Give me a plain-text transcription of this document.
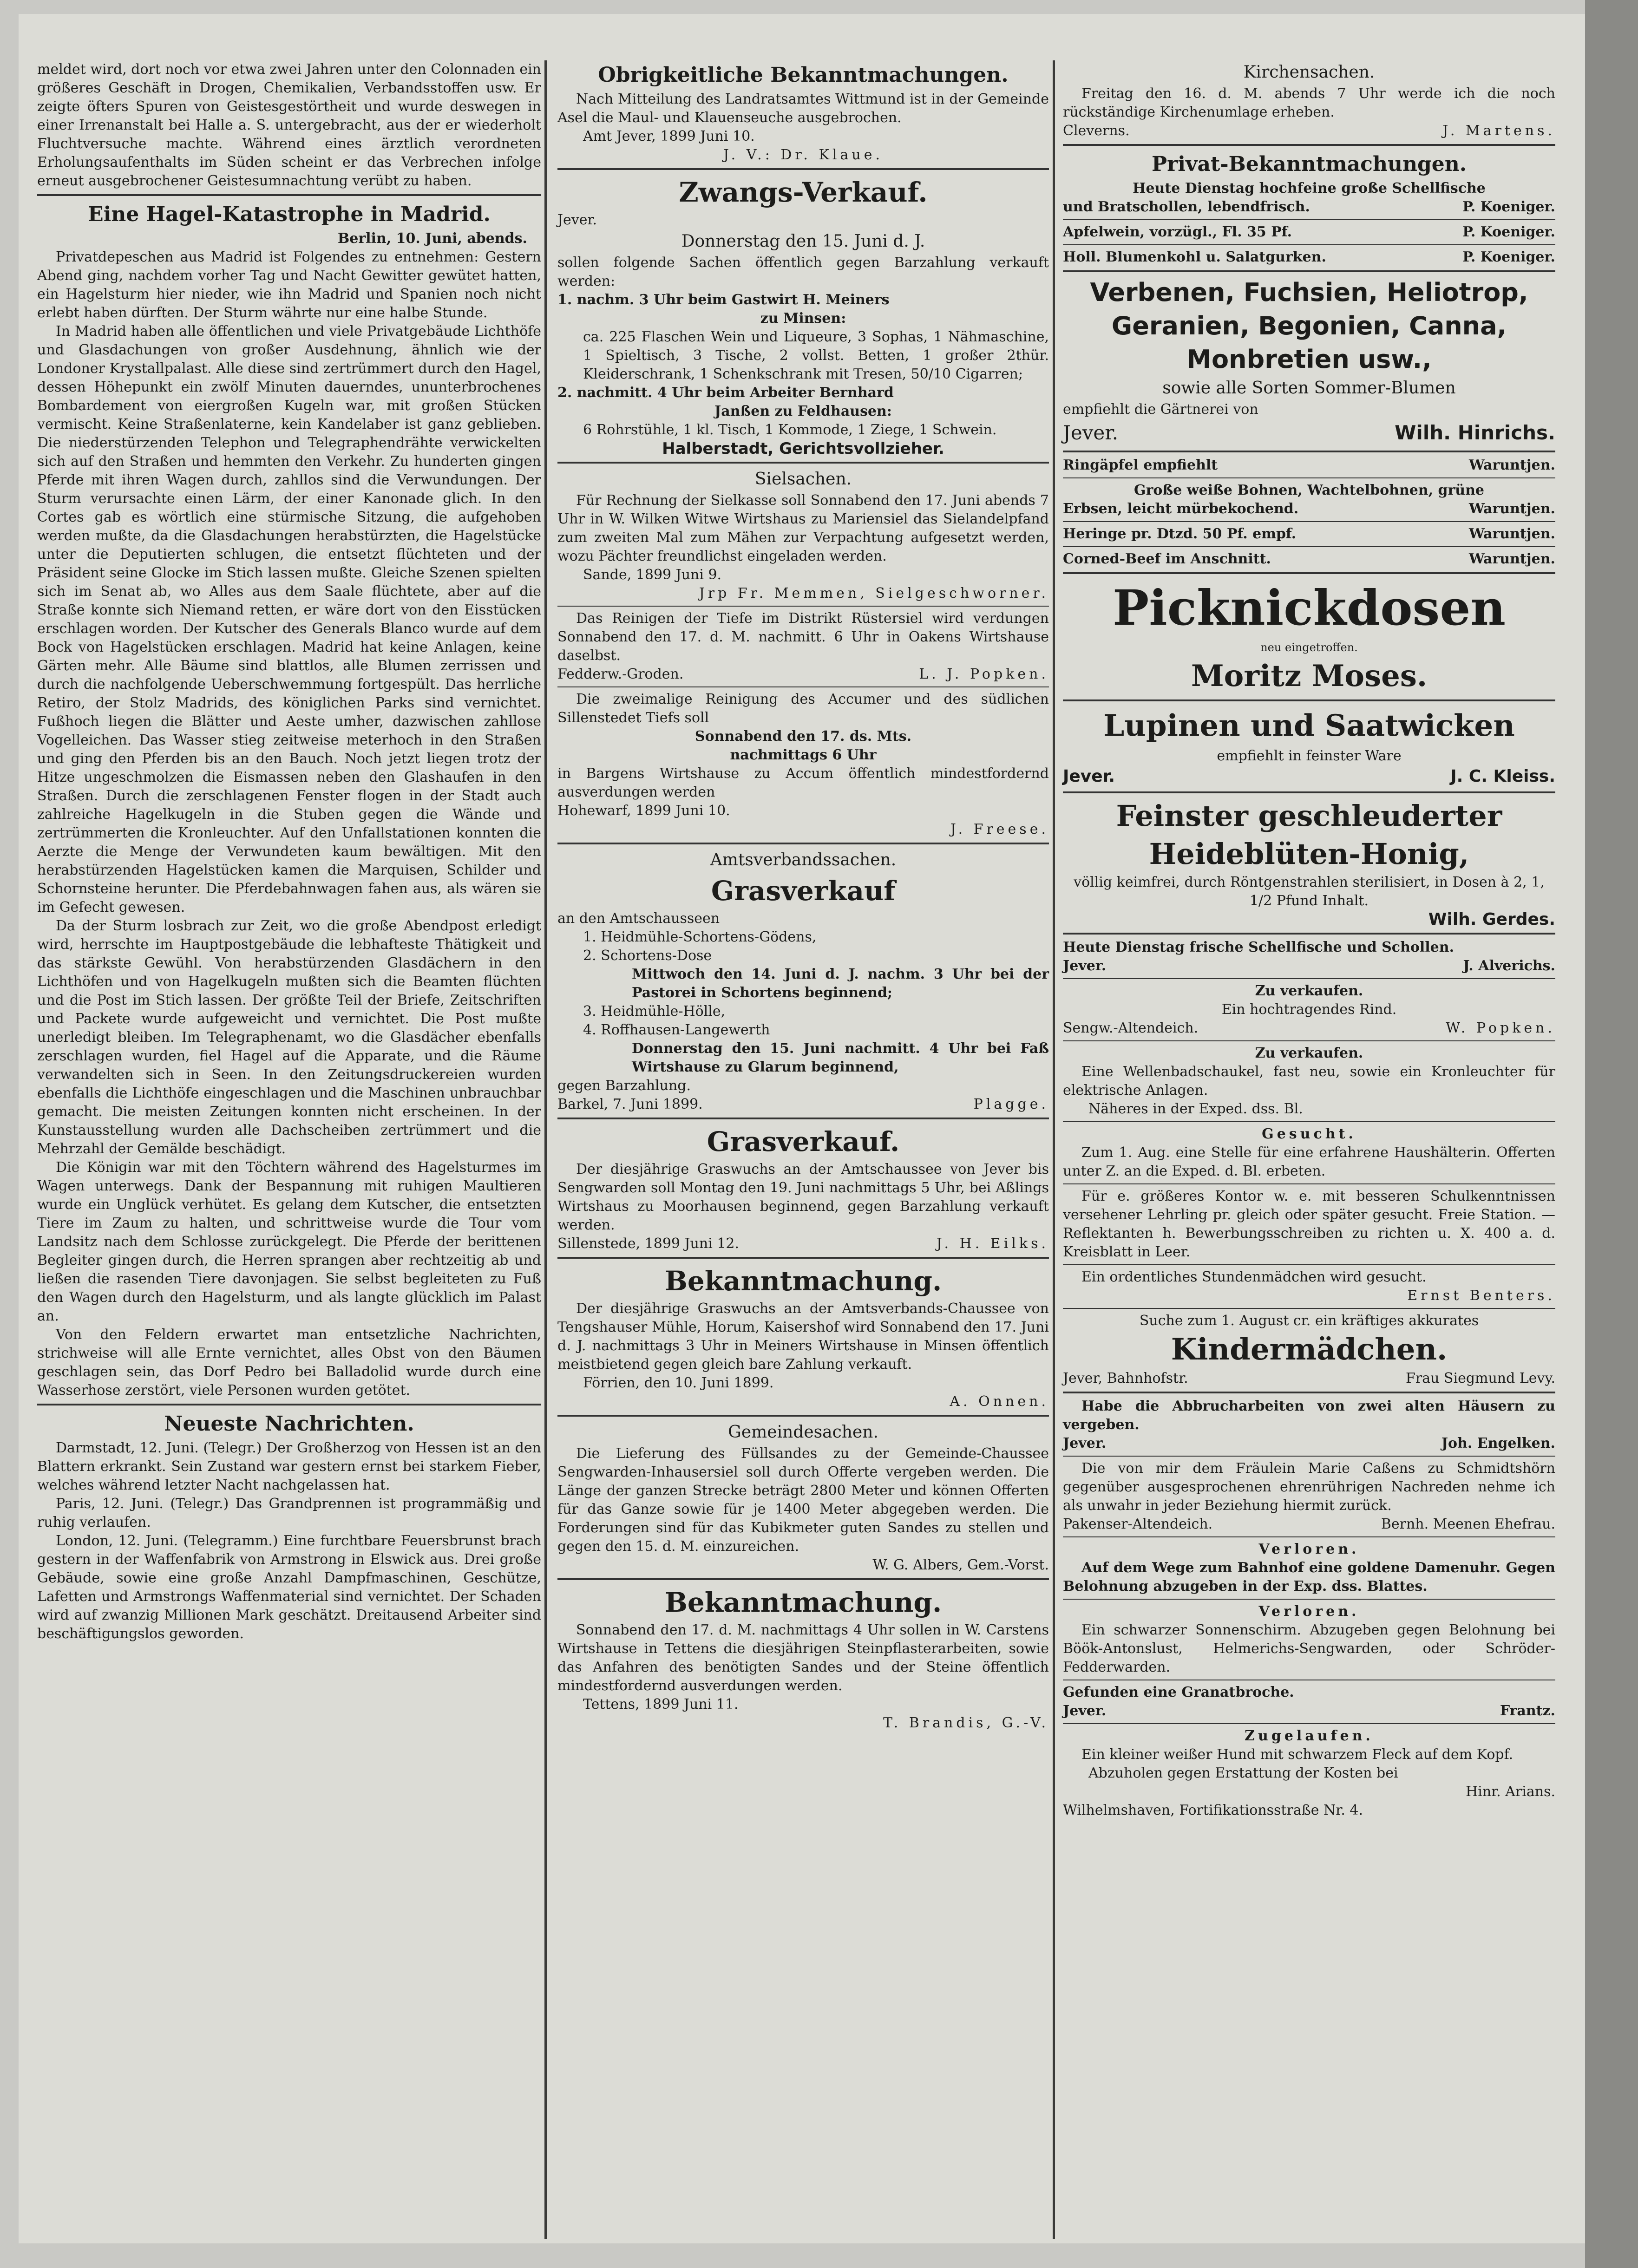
meldet wird, dort noch vor etwa zwei Jahren unter den Colonnaden ein größeres Geschäft in Drogen, Chemikalien, Verbandsstoffen usw. Er zeigte öfters Spuren von Geistesgestörtheit und wurde deswegen in einer Irrenanstalt bei Halle a. S. untergebracht, aus der er wiederholt Fluchtversuche machte. Während eines ärztlich verordneten Erholungsaufenthalts im Süden scheint er das Verbrechen infolge erneut ausgebrochener Geistesumnachtung verübt zu haben.

Eine Hagel-Katastrophe in Madrid.

Berlin, 10. Juni, abends.

Privatdepeschen aus Madrid ist Folgendes zu entnehmen: Gestern Abend ging, nachdem vorher Tag und Nacht Gewitter gewütet hatten, ein Hagelsturm hier nieder, wie ihn Madrid und Spanien noch nicht erlebt haben dürften. Der Sturm währte nur eine halbe Stunde.

In Madrid haben alle öffentlichen und viele Privatgebäude Lichthöfe und Glasdachungen von großer Ausdehnung, ähnlich wie der Londoner Krystallpalast. Alle diese sind zertrümmert durch den Hagel, dessen Höhepunkt ein zwölf Minuten dauerndes, ununterbrochenes Bombardement von eiergroßen Kugeln war, mit großen Stücken vermischt. Keine Straßenlaterne, kein Kandelaber ist ganz geblieben. Die niederstürzenden Telephon und Telegraphendrähte verwickelten sich auf den Straßen und hemmten den Verkehr. Zu hunderten gingen Pferde mit ihren Wagen durch, zahllos sind die Verwundungen. Der Sturm verursachte einen Lärm, der einer Kanonade glich. In den Cortes gab es wörtlich eine stürmische Sitzung, die aufgehoben werden mußte, da die Glasdachungen herabstürzten, die Hagelstücke unter die Deputierten schlugen, die entsetzt flüchteten und der Präsident seine Glocke im Stich lassen mußte. Gleiche Szenen spielten sich im Senat ab, wo Alles aus dem Saale flüchtete, aber auf die Straße konnte sich Niemand retten, er wäre dort von den Eisstücken erschlagen worden. Der Kutscher des Generals Blanco wurde auf dem Bock von Hagelstücken erschlagen. Madrid hat keine Anlagen, keine Gärten mehr. Alle Bäume sind blattlos, alle Blumen zerrissen und durch die nachfolgende Ueberschwemmung fortgespült. Das herrliche Retiro, der Stolz Madrids, des königlichen Parks sind vernichtet. Fußhoch liegen die Blätter und Aeste umher, dazwischen zahllose Vogelleichen. Das Wasser stieg zeitweise meterhoch in den Straßen und ging den Pferden bis an den Bauch. Noch jetzt liegen trotz der Hitze ungeschmolzen die Eismassen neben den Glashaufen in den Straßen. Durch die zerschlagenen Fenster flogen in der Stadt auch zahlreiche Hagelkugeln in die Stuben gegen die Wände und zertrümmerten die Kronleuchter. Auf den Unfallstationen konnten die Aerzte die Menge der Verwundeten kaum bewältigen. Mit den herabstürzenden Hagelstücken kamen die Marquisen, Schilder und Schornsteine herunter. Die Pferdebahnwagen fahen aus, als wären sie im Gefecht gewesen.

Da der Sturm losbrach zur Zeit, wo die große Abendpost erledigt wird, herrschte im Hauptpostgebäude die lebhafteste Thätigkeit und das stärkste Gewühl. Von herabstürzenden Glasdächern in den Lichthöfen und von Hagelkugeln mußten sich die Beamten flüchten und die Post im Stich lassen. Der größte Teil der Briefe, Zeitschriften und Packete wurde aufgeweicht und vernichtet. Die Post mußte unerledigt bleiben. Im Telegraphenamt, wo die Glasdächer ebenfalls zerschlagen wurden, fiel Hagel auf die Apparate, und die Räume verwandelten sich in Seen. In den Zeitungsdruckereien wurden ebenfalls die Lichthöfe eingeschlagen und die Maschinen unbrauchbar gemacht. Die meisten Zeitungen konnten nicht erscheinen. In der Kunstausstellung wurden alle Dachscheiben zertrümmert und die Mehrzahl der Gemälde beschädigt.

Die Königin war mit den Töchtern während des Hagelsturmes im Wagen unterwegs. Dank der Bespannung mit ruhigen Maultieren wurde ein Unglück verhütet. Es gelang dem Kutscher, die entsetzten Tiere im Zaum zu halten, und schrittweise wurde die Tour vom Landsitz nach dem Schlosse zurückgelegt. Die Pferde der berittenen Begleiter gingen durch, die Herren sprangen aber rechtzeitig ab und ließen die rasenden Tiere davonjagen. Sie selbst begleiteten zu Fuß den Wagen durch den Hagelsturm, und als langte glücklich im Palast an.

Von den Feldern erwartet man entsetzliche Nachrichten, strichweise will alle Ernte vernichtet, alles Obst von den Bäumen geschlagen sein, das Dorf Pedro bei Balladolid wurde durch eine Wasserhose zerstört, viele Personen wurden getötet.

Neueste Nachrichten.

Darmstadt, 12. Juni. (Telegr.) Der Großherzog von Hessen ist an den Blattern erkrankt. Sein Zustand war gestern ernst bei starkem Fieber, welches während letzter Nacht nachgelassen hat.

Paris, 12. Juni. (Telegr.) Das Grandprennen ist programmäßig und ruhig verlaufen.

London, 12. Juni. (Telegramm.) Eine furchtbare Feuersbrunst brach gestern in der Waffenfabrik von Armstrong in Elswick aus. Drei große Gebäude, sowie eine große Anzahl Dampfmaschinen, Geschütze, Lafetten und Armstrongs Waffenmaterial sind vernichtet. Der Schaden wird auf zwanzig Millionen Mark geschätzt. Dreitausend Arbeiter sind beschäftigungslos geworden.

Obrigkeitliche Bekanntmachungen.

Nach Mitteilung des Landratsamtes Wittmund ist in der Gemeinde Asel die Maul- und Klauenseuche ausgebrochen.

Amt Jever, 1899 Juni 10.

J. V.: Dr. Klaue.

Zwangs-Verkauf.

Jever.

Donnerstag den 15. Juni d. J.

sollen folgende Sachen öffentlich gegen Barzahlung verkauft werden:

1. nachm. 3 Uhr beim Gastwirt H. Meiners

zu Minsen:

ca. 225 Flaschen Wein und Liqueure, 3 Sophas, 1 Nähmaschine, 1 Spieltisch, 3 Tische, 2 vollst. Betten, 1 großer 2thür. Kleiderschrank, 1 Schenkschrank mit Tresen, 50/10 Cigarren;

2. nachmitt. 4 Uhr beim Arbeiter Bernhard

Janßen zu Feldhausen:

6 Rohrstühle, 1 kl. Tisch, 1 Kommode, 1 Ziege, 1 Schwein.

Halberstadt, Gerichtsvollzieher.

Sielsachen.

Für Rechnung der Sielkasse soll Sonnabend den 17. Juni abends 7 Uhr in W. Wilken Witwe Wirtshaus zu Mariensiel das Sielandelpfand zum zweiten Mal zum Mähen zur Verpachtung aufgesetzt werden, wozu Pächter freundlichst eingeladen werden.

Sande, 1899 Juni 9.

Jrp Fr. Memmen, Sielgeschworner.

Das Reinigen der Tiefe im Distrikt Rüstersiel wird verdungen Sonnabend den 17. d. M. nachmitt. 6 Uhr in Oakens Wirtshause daselbst.

Fedderw.-Groden.	L. J. Popken.

Die zweimalige Reinigung des Accumer und des südlichen Sillenstedet Tiefs soll

Sonnabend den 17. ds. Mts.

nachmittags 6 Uhr

in Bargens Wirtshause zu Accum öffentlich mindestfordernd ausverdungen werden

Hohewarf, 1899 Juni 10.

J. Freese.

Amtsverbandssachen.

Grasverkauf

an den Amtschausseen

1. Heidmühle-Schortens-Gödens,

2. Schortens-Dose

Mittwoch den 14. Juni d. J. nachm. 3 Uhr bei der Pastorei in Schortens beginnend;

3. Heidmühle-Hölle,

4. Roffhausen-Langewerth

Donnerstag den 15. Juni nachmitt. 4 Uhr bei Faß Wirtshause zu Glarum beginnend,

gegen Barzahlung.

Barkel, 7. Juni 1899.	Plagge.

Grasverkauf.

Der diesjährige Graswuchs an der Amtschaussee von Jever bis Sengwarden soll Montag den 19. Juni nachmittags 5 Uhr, bei Aßlings Wirtshaus zu Moorhausen beginnend, gegen Barzahlung verkauft werden.

Sillenstede, 1899 Juni 12.	J. H. Eilks.

Bekanntmachung.

Der diesjährige Graswuchs an der Amtsverbands-Chaussee von Tengshauser Mühle, Horum, Kaisershof wird Sonnabend den 17. Juni d. J. nachmittags 3 Uhr in Meiners Wirtshause in Minsen öffentlich meistbietend gegen gleich bare Zahlung verkauft.

Förrien, den 10. Juni 1899.

A. Onnen.

Gemeindesachen.

Die Lieferung des Füllsandes zu der Gemeinde-Chaussee Sengwarden-Inhausersiel soll durch Offerte vergeben werden. Die Länge der ganzen Strecke beträgt 2800 Meter und können Offerten für das Ganze sowie für je 1400 Meter abgegeben werden. Die Forderungen sind für das Kubikmeter guten Sandes zu stellen und gegen den 15. d. M. einzureichen.

W. G. Albers, Gem.-Vorst.

Bekanntmachung.

Sonnabend den 17. d. M. nachmittags 4 Uhr sollen in W. Carstens Wirtshause in Tettens die diesjährigen Steinpflasterarbeiten, sowie das Anfahren des benötigten Sandes und der Steine öffentlich mindestfordernd ausverdungen werden.

Tettens, 1899 Juni 11.

T. Brandis, G.-V.

Kirchensachen.

Freitag den 16. d. M. abends 7 Uhr werde ich die noch rückständige Kirchenumlage erheben.

Cleverns.	J. Martens.

Privat-Bekanntmachungen.

Heute Dienstag hochfeine große Schellfische

und Bratschollen, lebendfrisch.	P. Koeniger.
Apfelwein, vorzügl., Fl. 35 Pf.	P. Koeniger.
Holl. Blumenkohl u. Salatgurken.	P. Koeniger.

Verbenen, Fuchsien, Heliotrop,

Geranien, Begonien, Canna,

Monbretien usw.,

sowie alle Sorten Sommer-Blumen

empfiehlt die Gärtnerei von

Jever.	Wilh. Hinrichs.
Ringäpfel empfiehlt	Waruntjen.

Große weiße Bohnen, Wachtelbohnen, grüne

Erbsen, leicht mürbekochend.	Waruntjen.
Heringe pr. Dtzd. 50 Pf. empf.	Waruntjen.
Corned-Beef im Anschnitt.	Waruntjen.

Picknickdosen

neu eingetroffen.

Moritz Moses.

Lupinen und Saatwicken

empfiehlt in feinster Ware

Jever.	J. C. Kleiss.

Feinster geschleuderter

Heideblüten-Honig,

völlig keimfrei, durch Röntgenstrahlen sterilisiert, in Dosen à 2, 1, 1/2 Pfund Inhalt.

Wilh. Gerdes.

Heute Dienstag frische Schellfische und Schollen.

Jever.	J. Alverichs.

Zu verkaufen.

Ein hochtragendes Rind.

Sengw.-Altendeich.	W. Popken.

Zu verkaufen.

Eine Wellenbadschaukel, fast neu, sowie ein Kronleuchter für elektrische Anlagen.

Näheres in der Exped. dss. Bl.

Gesucht.

Zum 1. Aug. eine Stelle für eine erfahrene Haushälterin. Offerten unter Z. an die Exped. d. Bl. erbeten.

Für e. größeres Kontor w. e. mit besseren Schulkenntnissen versehener Lehrling pr. gleich oder später gesucht. Freie Station. — Reflektanten h. Bewerbungsschreiben zu richten u. X. 400 a. d. Kreisblatt in Leer.

Ein ordentliches Stundenmädchen wird gesucht.

Ernst Benters.

Suche zum 1. August cr. ein kräftiges akkurates

Kindermädchen.

Jever, Bahnhofstr.	Frau Siegmund Levy.

Habe die Abbrucharbeiten von zwei alten Häusern zu vergeben.

Jever.	Joh. Engelken.

Die von mir dem Fräulein Marie Caßens zu Schmidtshörn gegenüber ausgesprochenen ehrenrührigen Nachreden nehme ich als unwahr in jeder Beziehung hiermit zurück.

Pakenser-Altendeich.	Bernh. Meenen Ehefrau.

Verloren.

Auf dem Wege zum Bahnhof eine goldene Damenuhr. Gegen Belohnung abzugeben in der Exp. dss. Blattes.

Verloren.

Ein schwarzer Sonnenschirm. Abzugeben gegen Belohnung bei Böök-Antonslust, Helmerichs-Sengwarden, oder Schröder-Fedderwarden.

Gefunden eine Granatbroche.

Jever.	Frantz.

Zugelaufen.

Ein kleiner weißer Hund mit schwarzem Fleck auf dem Kopf.

Abzuholen gegen Erstattung der Kosten bei

Hinr. Arians.

Wilhelmshaven, Fortifikationsstraße Nr. 4.
